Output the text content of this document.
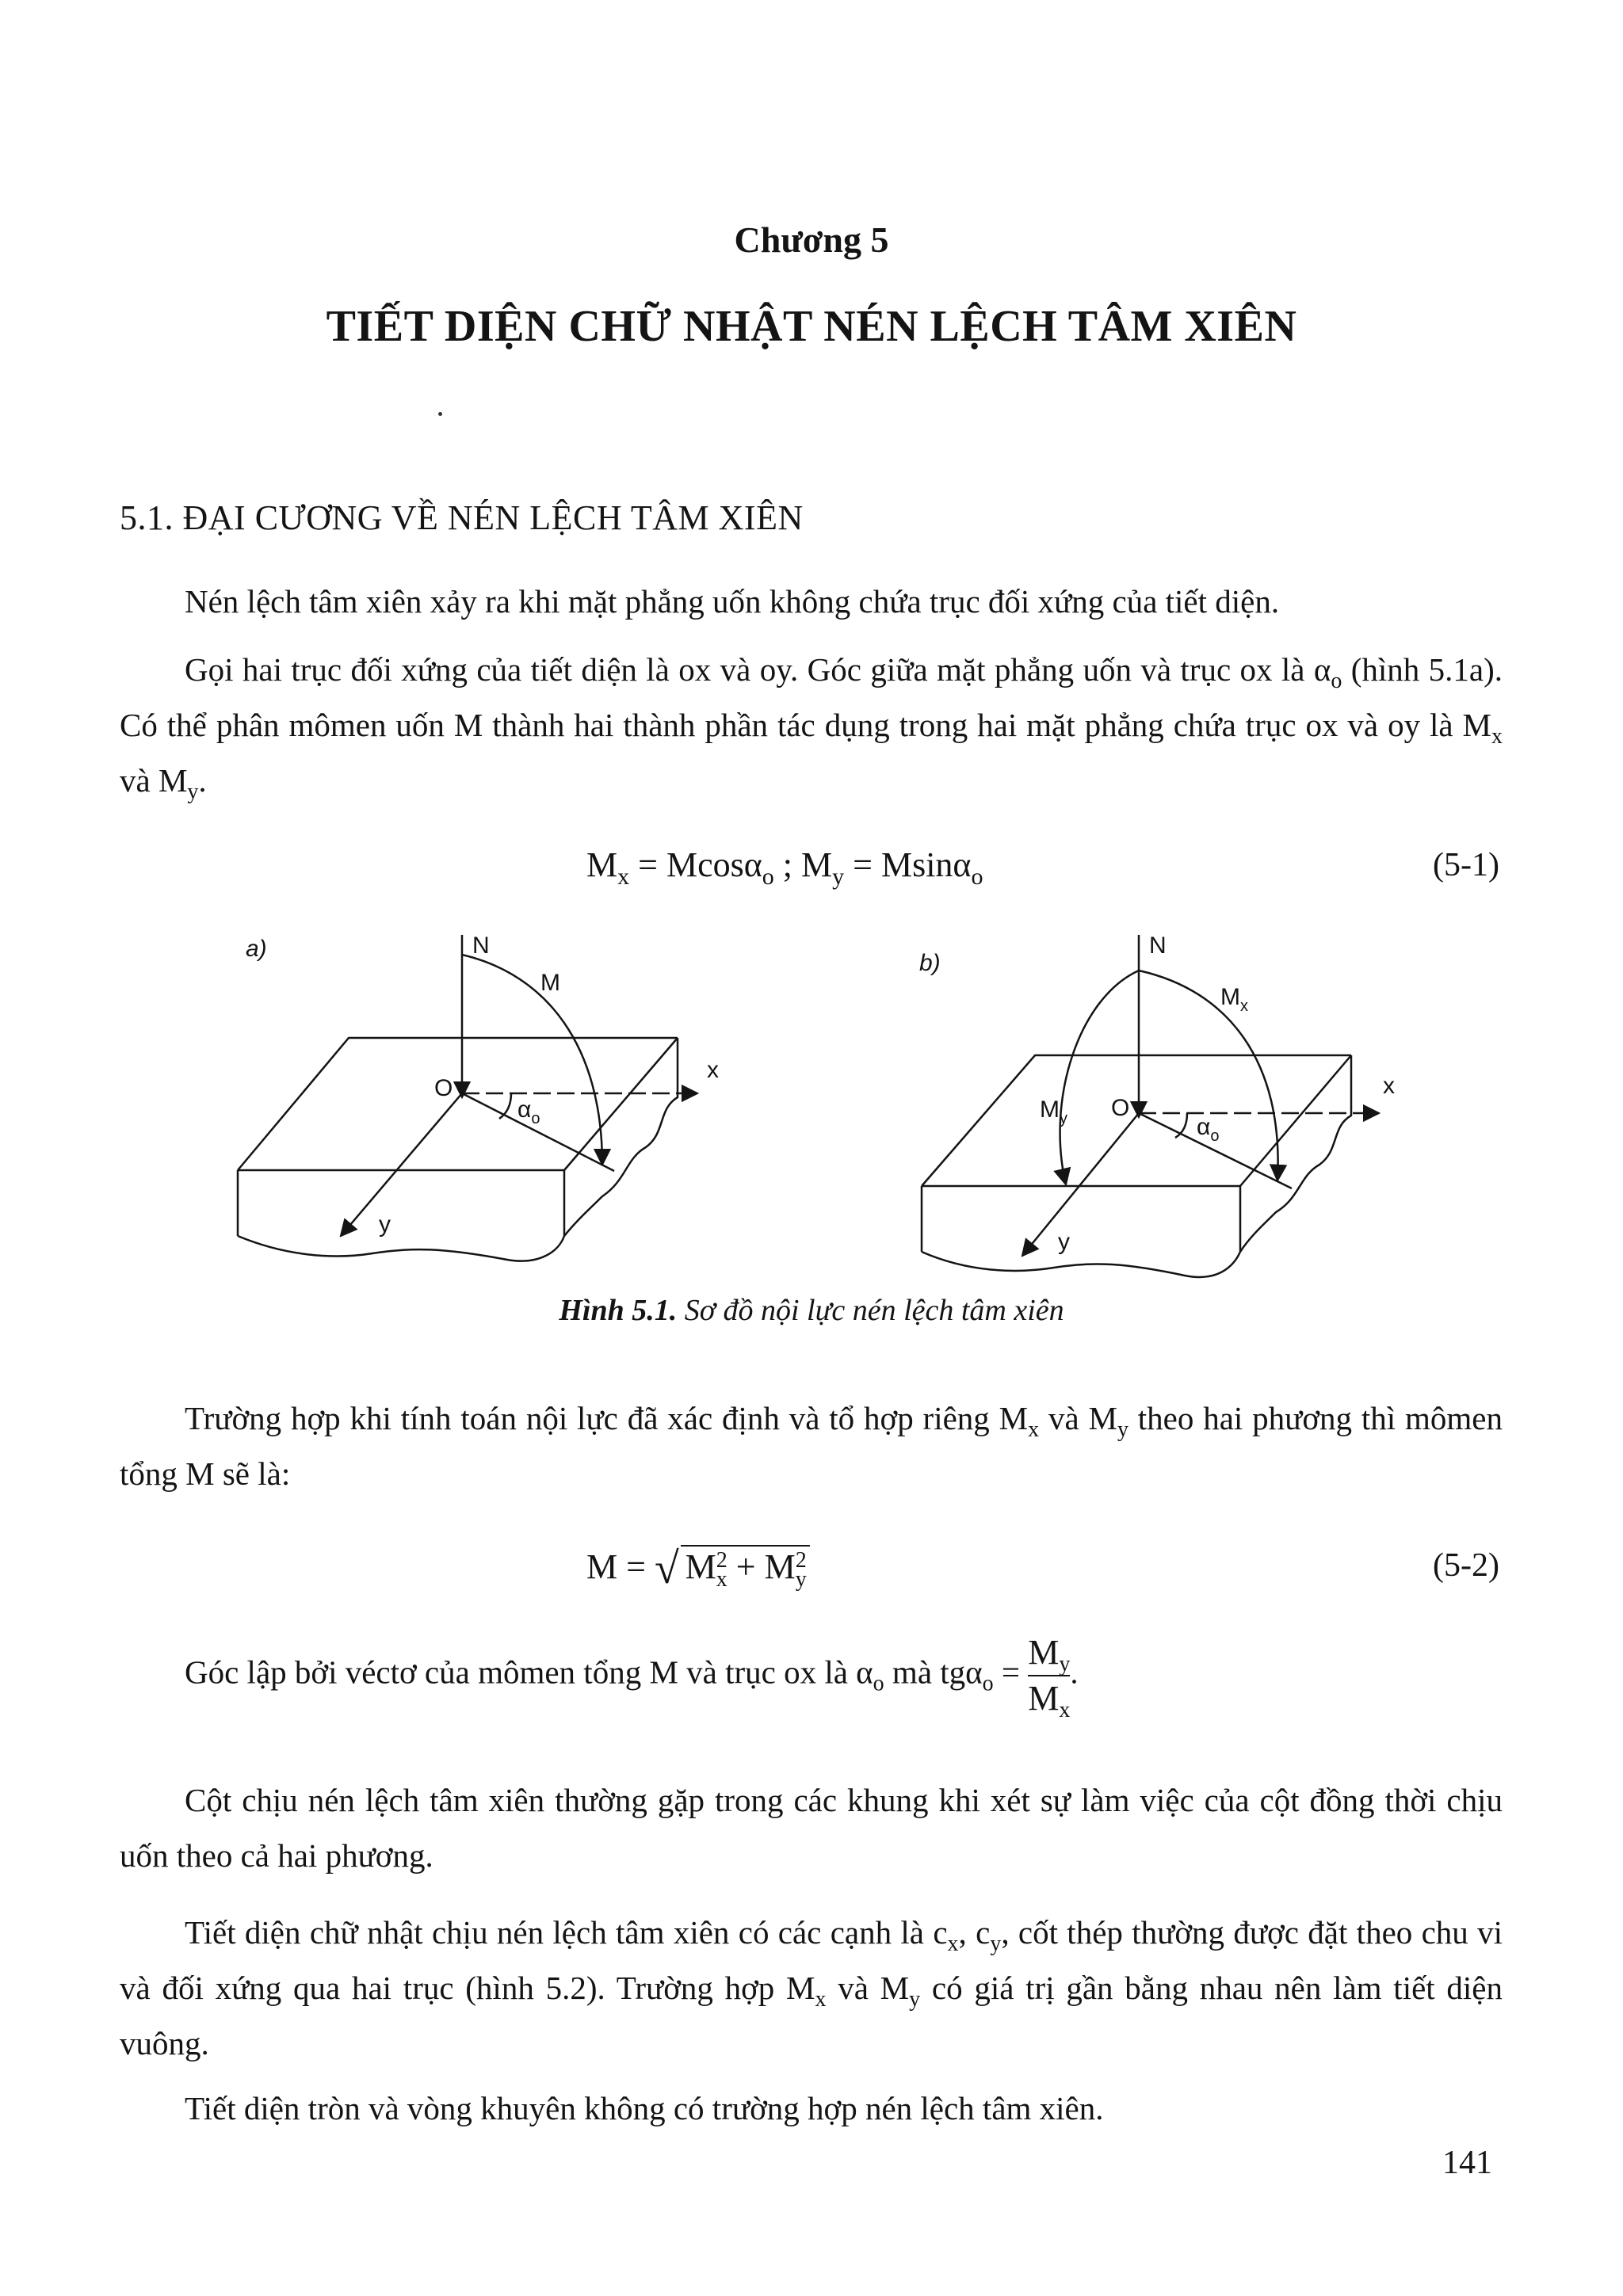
Chương 5
TIẾT DIỆN CHỮ NHẬT NÉN LỆCH TÂM XIÊN
5.1. ĐẠI CƯƠNG VỀ NÉN LỆCH TÂM XIÊN
Nén lệch tâm xiên xảy ra khi mặt phẳng uốn không chứa trục đối xứng của tiết diện.
Gọi hai trục đối xứng của tiết diện là ox và oy. Góc giữa mặt phẳng uốn và trục ox là $\alpha_o$ (hình 5.1a). Có thể phân mômen uốn M thành hai thành phần tác dụng trong hai mặt phẳng chứa trục ox và oy là $M_x$ và $M_y$.
$M_x = Mcos\alpha_o$ ; $M_y = Msin\alpha_o$	(5-1)
a)	N
M
O
x
y
$\alpha_o$
b)
N
$M_x$
$M_y$ O
x
y
$\alpha_o$
Hình 5.1. Sơ đồ nội lực nén lệch tâm xiên
Trường hợp khi tính toán nội lực đã xác định và tổ hợp riêng $M_x$ và $M_y$ theo hai phương thì mômen tổng M sẽ là:
M = √ M 2
x + M 2
y	(5-2)
Góc lập bởi véctơ của mômen tổng M và trục ox là $\alpha_o$ mà $tg\alpha_o = \frac{M_y}{M_x}$ .
Cột chịu nén lệch tâm xiên thường gặp trong các khung khi xét sự làm việc của cột đồng thời chịu uốn theo cả hai phương.
Tiết diện chữ nhật chịu nén lệch tâm xiên có các cạnh là $c_x$, $c_y$, cốt thép thường được đặt theo chu vi và đối xứng qua hai trục (hình 5.2). Trường hợp $M_x$ và $M_y$ có giá trị gần bằng nhau nên làm tiết diện vuông.
Tiết diện tròn và vòng khuyên không có trường hợp nén lệch tâm xiên.
141
